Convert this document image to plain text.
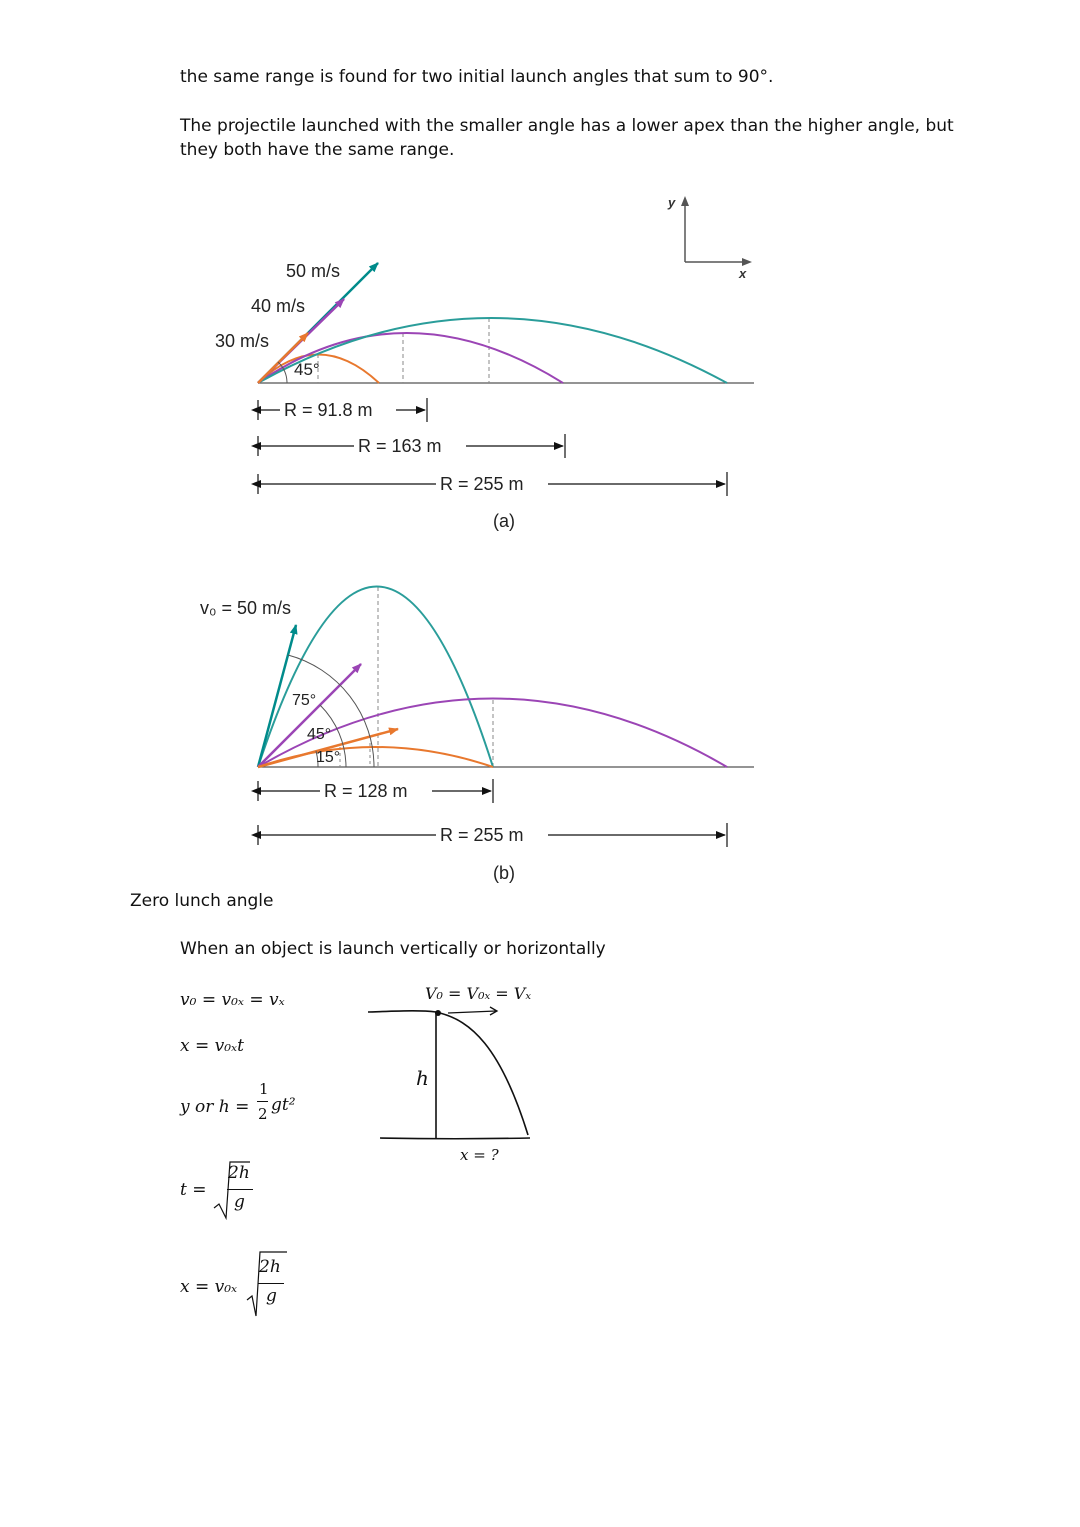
the same range is found for two initial launch angles that sum to 90°.
The projectile launched with the smaller angle has a lower apex than the higher angle, but
they both have the same range.
y
x
50 m/s
40 m/s
30 m/s
45°
R = 91.8 m
R = 163 m
R = 255 m
(a)
v₀ = 50 m/s
75°
45°
15°
R = 128 m
R = 255 m
(b)
Zero lunch angle
When an object is launch vertically or horizontally
v₀ = v₀ₓ = vₓ
x = v₀ₓt
y or h =
1
2 gt²
t =
2h
g
x = v₀ₓ
2h
g
V₀ = V₀ₓ = Vₓ
h
x = ?
